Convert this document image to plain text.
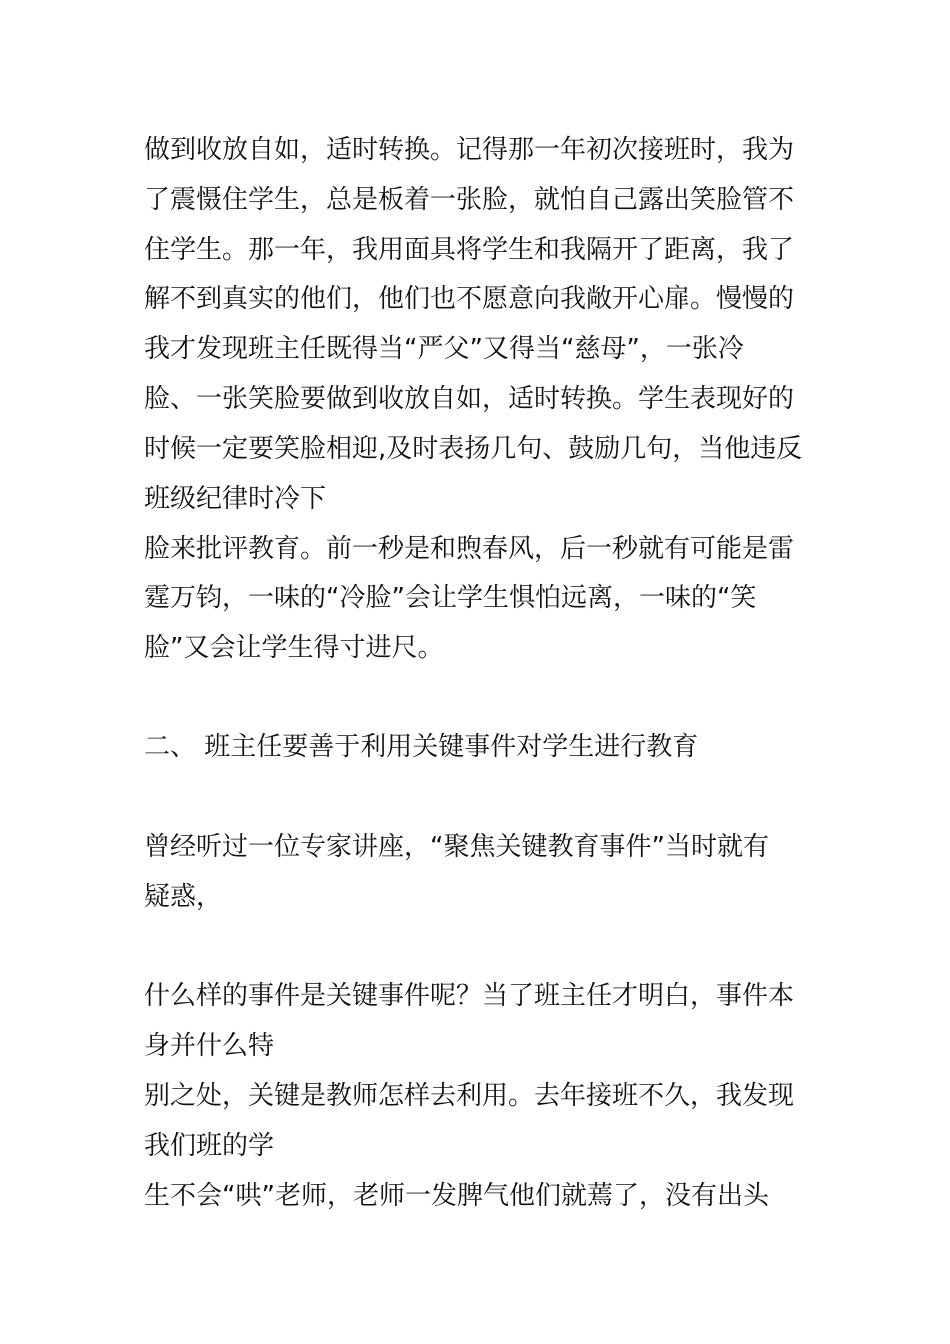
做到收放自如，适时转换。记得那一年初次接班时，我为
了震慑住学生，总是板着一张脸，就怕自己露出笑脸管不
住学生。那一年，我用面具将学生和我隔开了距离，我了
解不到真实的他们，他们也不愿意向我敞开心扉。慢慢的
我才发现班主任既得当“严父”又得当“慈母”，一张冷
脸、一张笑脸要做到收放自如，适时转换。学生表现好的
时候一定要笑脸相迎,及时表扬几句、鼓励几句，当他违反
班级纪律时冷下
脸来批评教育。前一秒是和煦春风，后一秒就有可能是雷
霆万钧，一味的“冷脸”会让学生惧怕远离，一味的“笑
脸”又会让学生得寸进尺。
二、 班主任要善于利用关键事件对学生进行教育
曾经听过一位专家讲座，“聚焦关键教育事件”当时就有
疑惑，
什么样的事件是关键事件呢？当了班主任才明白，事件本
身并什么特
别之处，关键是教师怎样去利用。去年接班不久，我发现
我们班的学
生不会“哄”老师，老师一发脾气他们就蔫了，没有出头
